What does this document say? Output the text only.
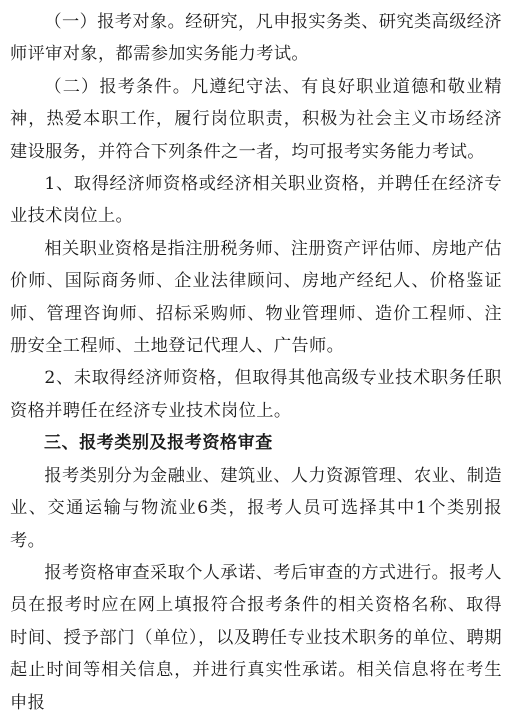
（一）报考对象。经研究，凡申报实务类、研究类高级经济师评审对象，都需参加实务能力考试。

（二）报考条件。凡遵纪守法、有良好职业道德和敬业精神，热爱本职工作，履行岗位职责，积极为社会主义市场经济建设服务，并符合下列条件之一者，均可报考实务能力考试。

1、取得经济师资格或经济相关职业资格，并聘任在经济专业技术岗位上。

相关职业资格是指注册税务师、注册资产评估师、房地产估价师、国际商务师、企业法律顾问、房地产经纪人、价格鉴证师、管理咨询师、招标采购师、物业管理师、造价工程师、注册安全工程师、土地登记代理人、广告师。

2、未取得经济师资格，但取得其他高级专业技术职务任职资格并聘任在经济专业技术岗位上。

三、报考类别及报考资格审查

报考类别分为金融业、建筑业、人力资源管理、农业、制造业、交通运输与物流业6类，报考人员可选择其中1个类别报考。

报考资格审查采取个人承诺、考后审查的方式进行。报考人员在报考时应在网上填报符合报考条件的相关资格名称、取得时间、授予部门（单位），以及聘任专业技术职务的单位、聘期起止时间等相关信息，并进行真实性承诺。相关信息将在考生申报
